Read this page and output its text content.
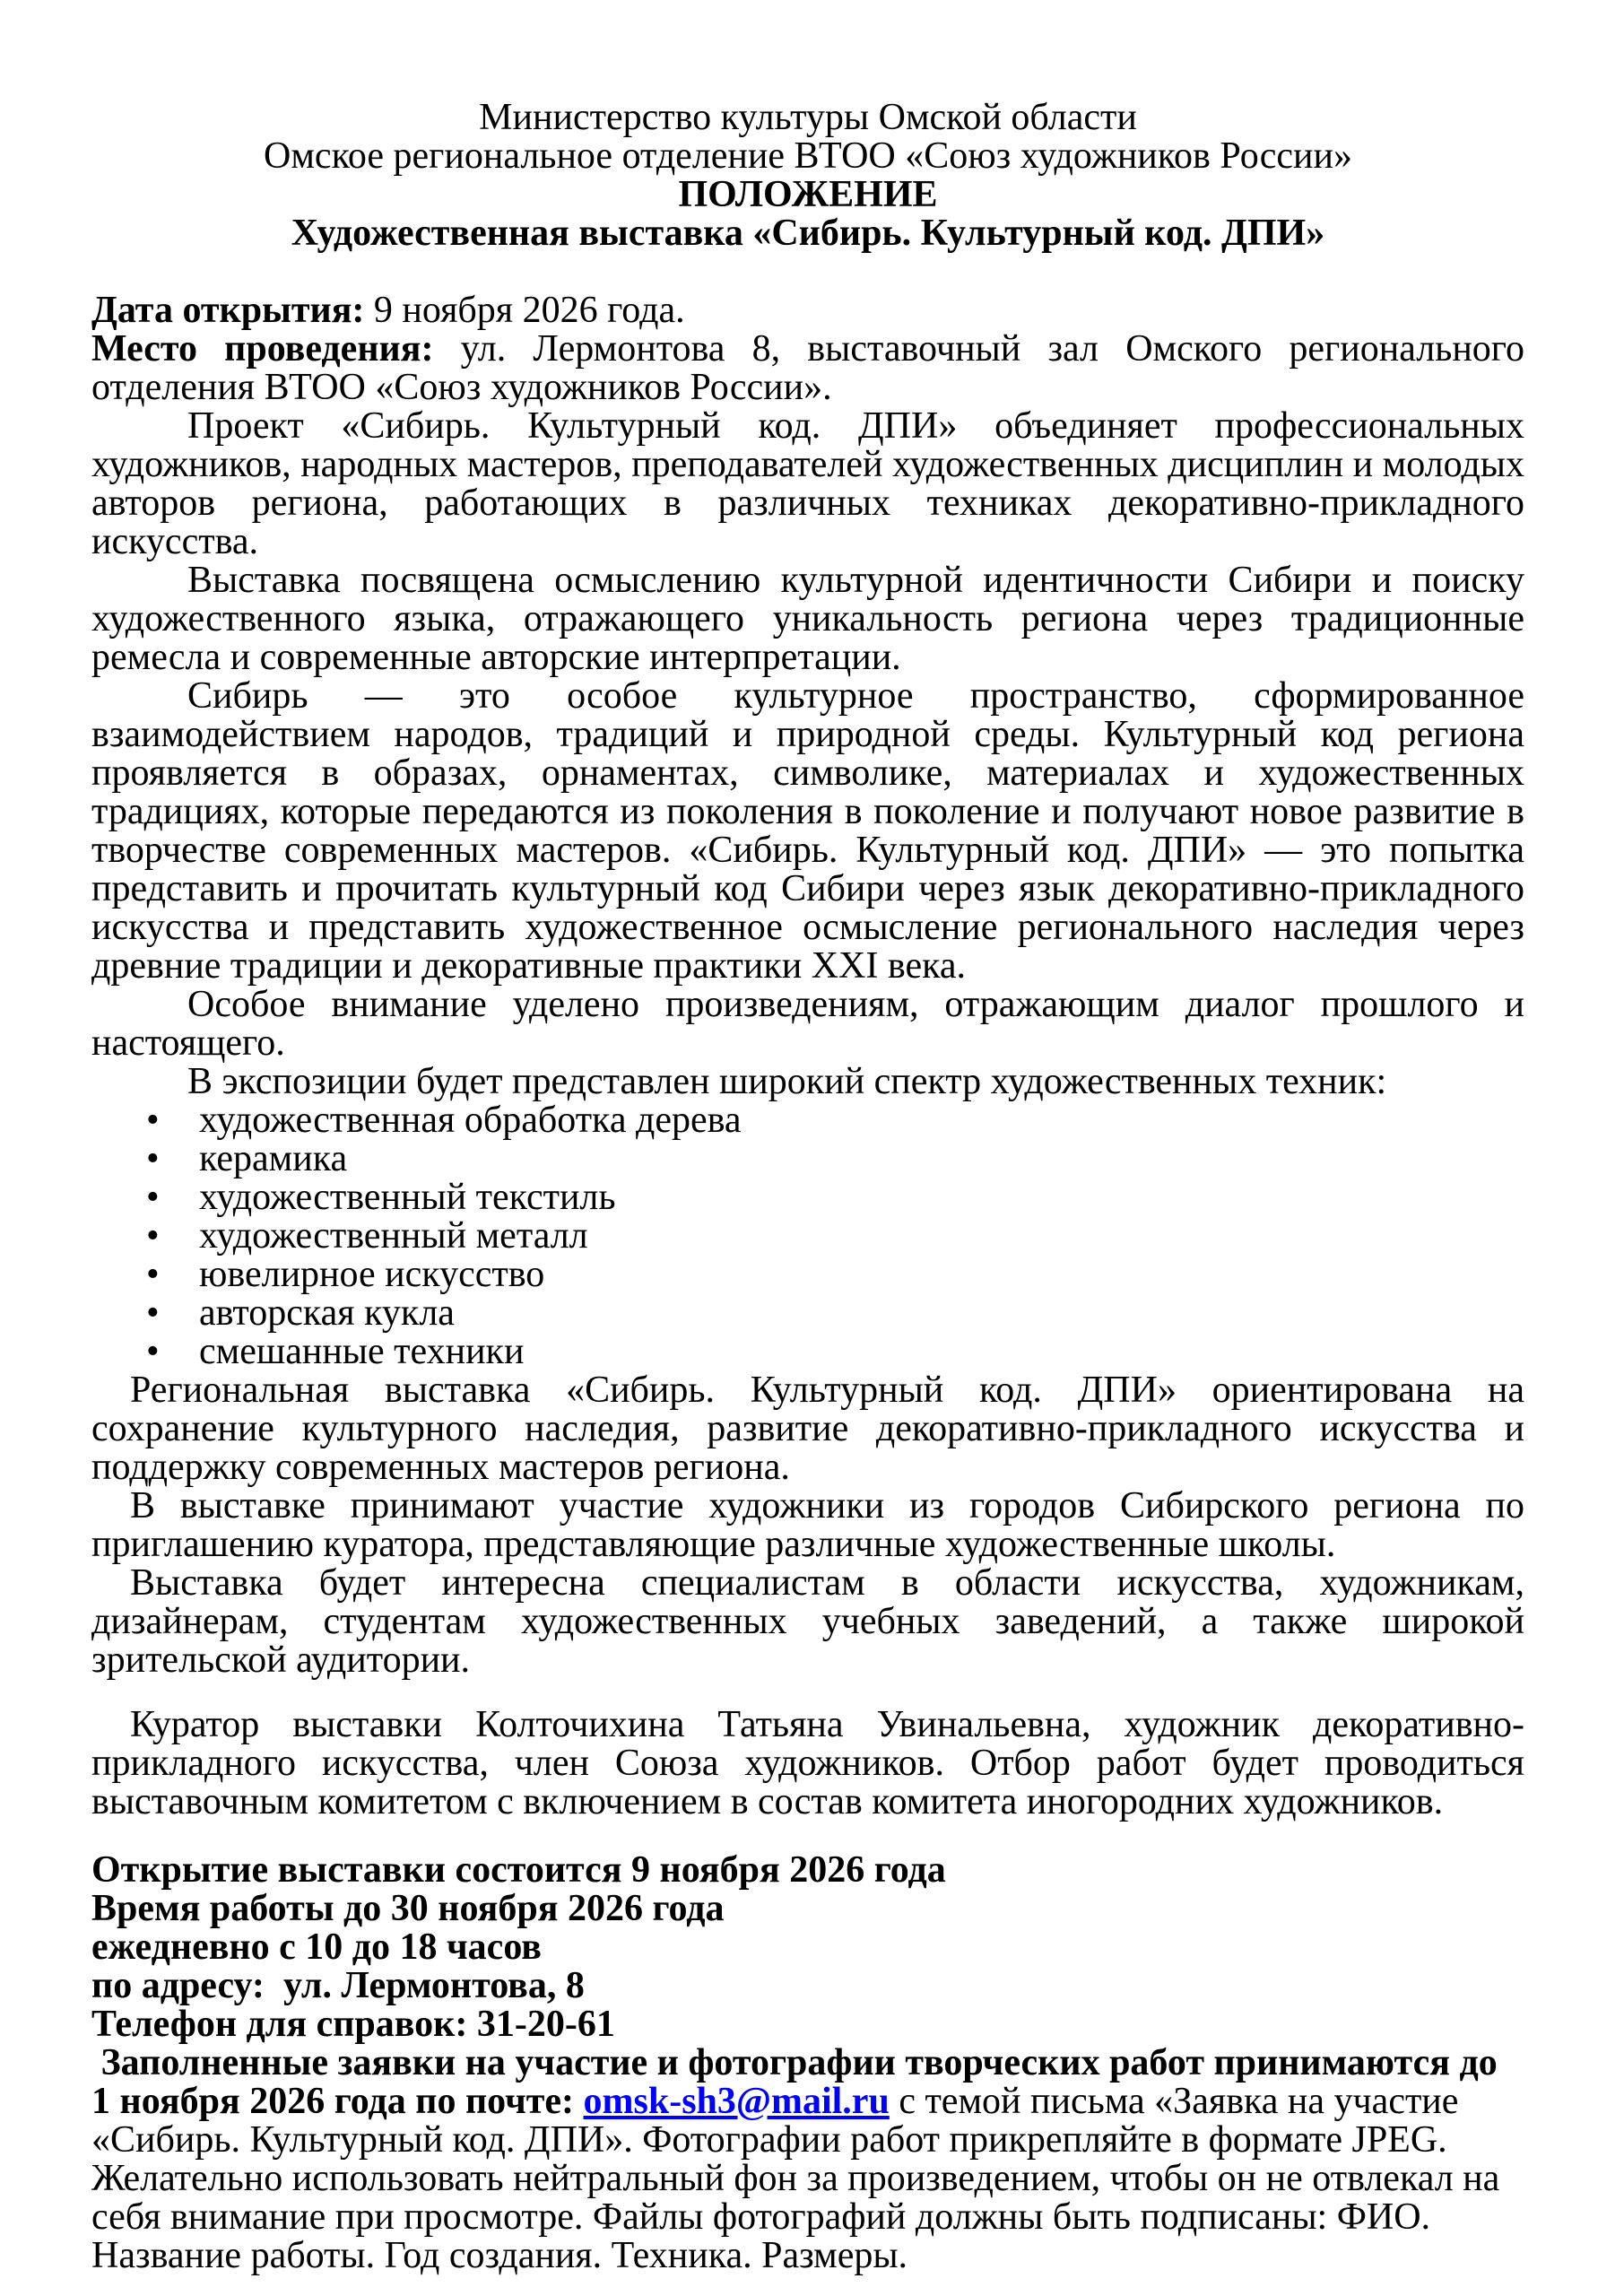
Министерство культуры Омской области

Омское региональное отделение ВТОО «Союз художников России»

ПОЛОЖЕНИЕ

Художественная выставка «Сибирь. Культурный код. ДПИ»

Дата открытия: 9 ноября 2026 года.

Место проведения: ул. Лермонтова 8, выставочный зал Омского регионального отделения ВТОО «Союз художников России».

Проект «Сибирь. Культурный код. ДПИ» объединяет профессиональных художников, народных мастеров, преподавателей художественных дисциплин и молодых авторов региона, работающих в различных техниках декоративно-прикладного искусства.

Выставка посвящена осмыслению культурной идентичности Сибири и поиску художественного языка, отражающего уникальность региона через традиционные ремесла и современные авторские интерпретации.

Сибирь — это особое культурное пространство, сформированное взаимодействием народов, традиций и природной среды. Культурный код региона проявляется в образах, орнаментах, символике, материалах и художественных традициях, которые передаются из поколения в поколение и получают новое развитие в творчестве современных мастеров. «Сибирь. Культурный код. ДПИ» — это попытка представить и прочитать культурный код Сибири через язык декоративно-прикладного искусства и представить художественное осмысление регионального наследия через древние традиции и декоративные практики XXI века.

Особое внимание уделено произведениям, отражающим диалог прошлого и настоящего.

В экспозиции будет представлен широкий спектр художественных техник:

• художественная обработка дерева
• керамика
• художественный текстиль
• художественный металл
• ювелирное искусство
• авторская кукла
• смешанные техники

Региональная выставка «Сибирь. Культурный код. ДПИ» ориентирована на сохранение культурного наследия, развитие декоративно-прикладного искусства и поддержку современных мастеров региона.

В выставке принимают участие художники из городов Сибирского региона по приглашению куратора, представляющие различные художественные школы.

Выставка будет интересна специалистам в области искусства, художникам, дизайнерам, студентам художественных учебных заведений, а также широкой зрительской аудитории.

Куратор выставки Колточихина Татьяна Увинальевна, художник декоративно-прикладного искусства, член Союза художников. Отбор работ будет проводиться выставочным комитетом с включением в состав комитета иногородних художников.

Открытие выставки состоится 9 ноября 2026 года

Время работы до 30 ноября 2026 года

ежедневно с 10 до 18 часов

по адресу:  ул. Лермонтова, 8

Телефон для справок: 31-20-61

Заполненные заявки на участие и фотографии творческих работ принимаются до 1 ноября 2026 года по почте: omsk-sh3@mail.ru с темой письма «Заявка на участие «Сибирь. Культурный код. ДПИ». Фотографии работ прикрепляйте в формате JPEG. Желательно использовать нейтральный фон за произведением, чтобы он не отвлекал на себя внимание при просмотре. Файлы фотографий должны быть подписаны: ФИО. Название работы. Год создания. Техника. Размеры.
